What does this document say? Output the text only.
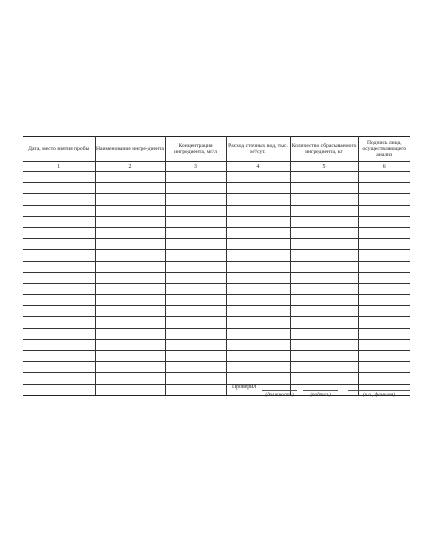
Дата, место взятия пробы	Наименование ингре-диента	Концентрация ингредиента, мг/л	Расход сточных вод, тыс. м³/сут.	Количество сбрасываемого ингредиента, кг	Подпись лица, осуществляющего анализ
1	2	3	4	5	6

Проверил
(должность)	(подпись)	(и.о., фамилия)
